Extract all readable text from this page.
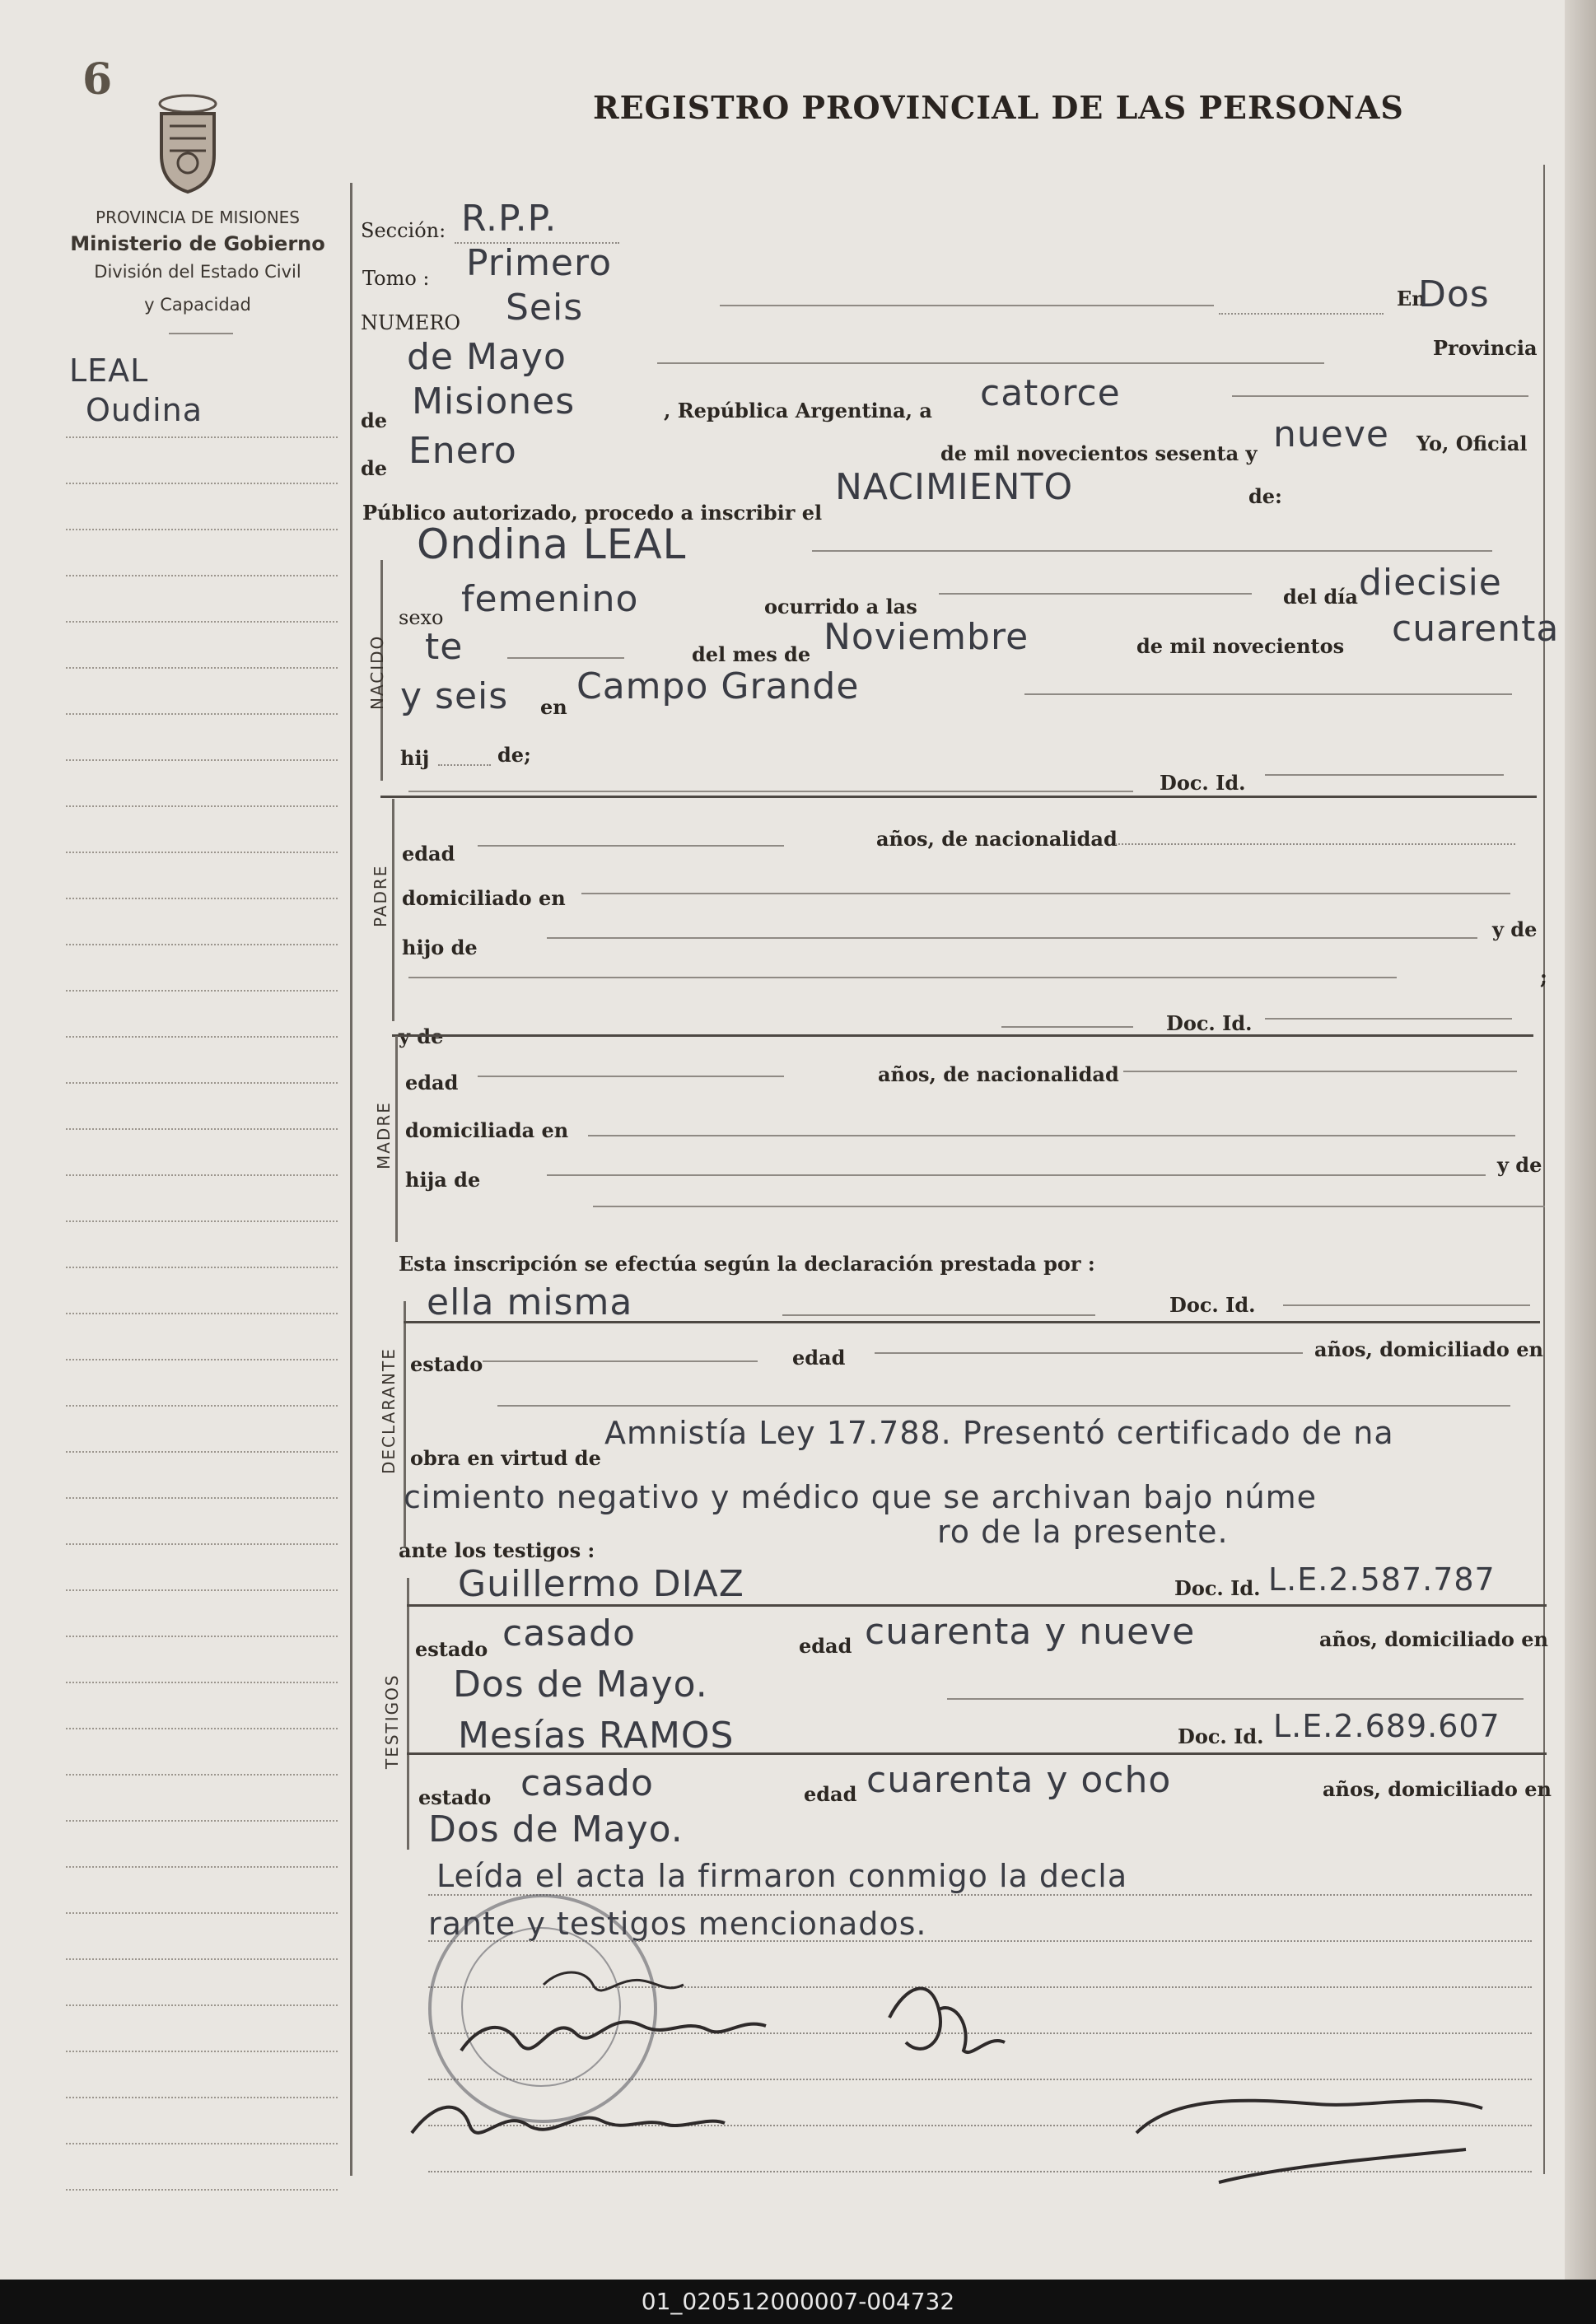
6
REGISTRO PROVINCIAL DE LAS PERSONAS
PROVINCIA DE MISIONES
Ministerio de Gobierno
División del Estado Civil
y Capacidad
LEAL
Oudina
Sección: R.P.P.
Tomo : Primero
NUMERO Seis	En
Dos
de Mayo	Provincia
de Misiones	, República Argentina, a catorce
de Enero	de mil novecientos sesenta y nueve Yo, Oficial
Público autorizado, procedo a inscribir el
NACIMIENTO	de:
Ondina LEAL
NACIDO
sexo femenino	ocurrido a las	del día diecisie
te	del mes de Noviembre	de mil novecientos cuarenta
y seis en Campo Grande
hij	de;
Doc. Id.
PADRE
edad
años, de nacionalidad
domiciliado en
hijo de
y de
;
y de
Doc. Id.
MADRE
edad	años, de nacionalidad
domiciliada en
hija de
y de
Esta inscripción se efectúa según la declaración prestada por :
DECLARANTE
ella misma	Doc. Id.
estado	edad	años, domiciliado en
obra en virtud de
Amnistía Ley 17.788. Presentó certificado de na
cimiento negativo y médico que se archivan bajo núme
ro de la presente.
ante los testigos :
TESTIGOS
Guillermo DIAZ	Doc. Id. L.E.2.587.787
estado casado	edad cuarenta y nueve	años, domiciliado en
Dos de Mayo.
Mesías RAMOS	Doc. Id. L.E.2.689.607
estado casado	edad cuarenta y ocho	años, domiciliado en
Dos de Mayo.
Leída el acta la firmaron conmigo la decla
rante y testigos mencionados.
01_020512000007-004732
